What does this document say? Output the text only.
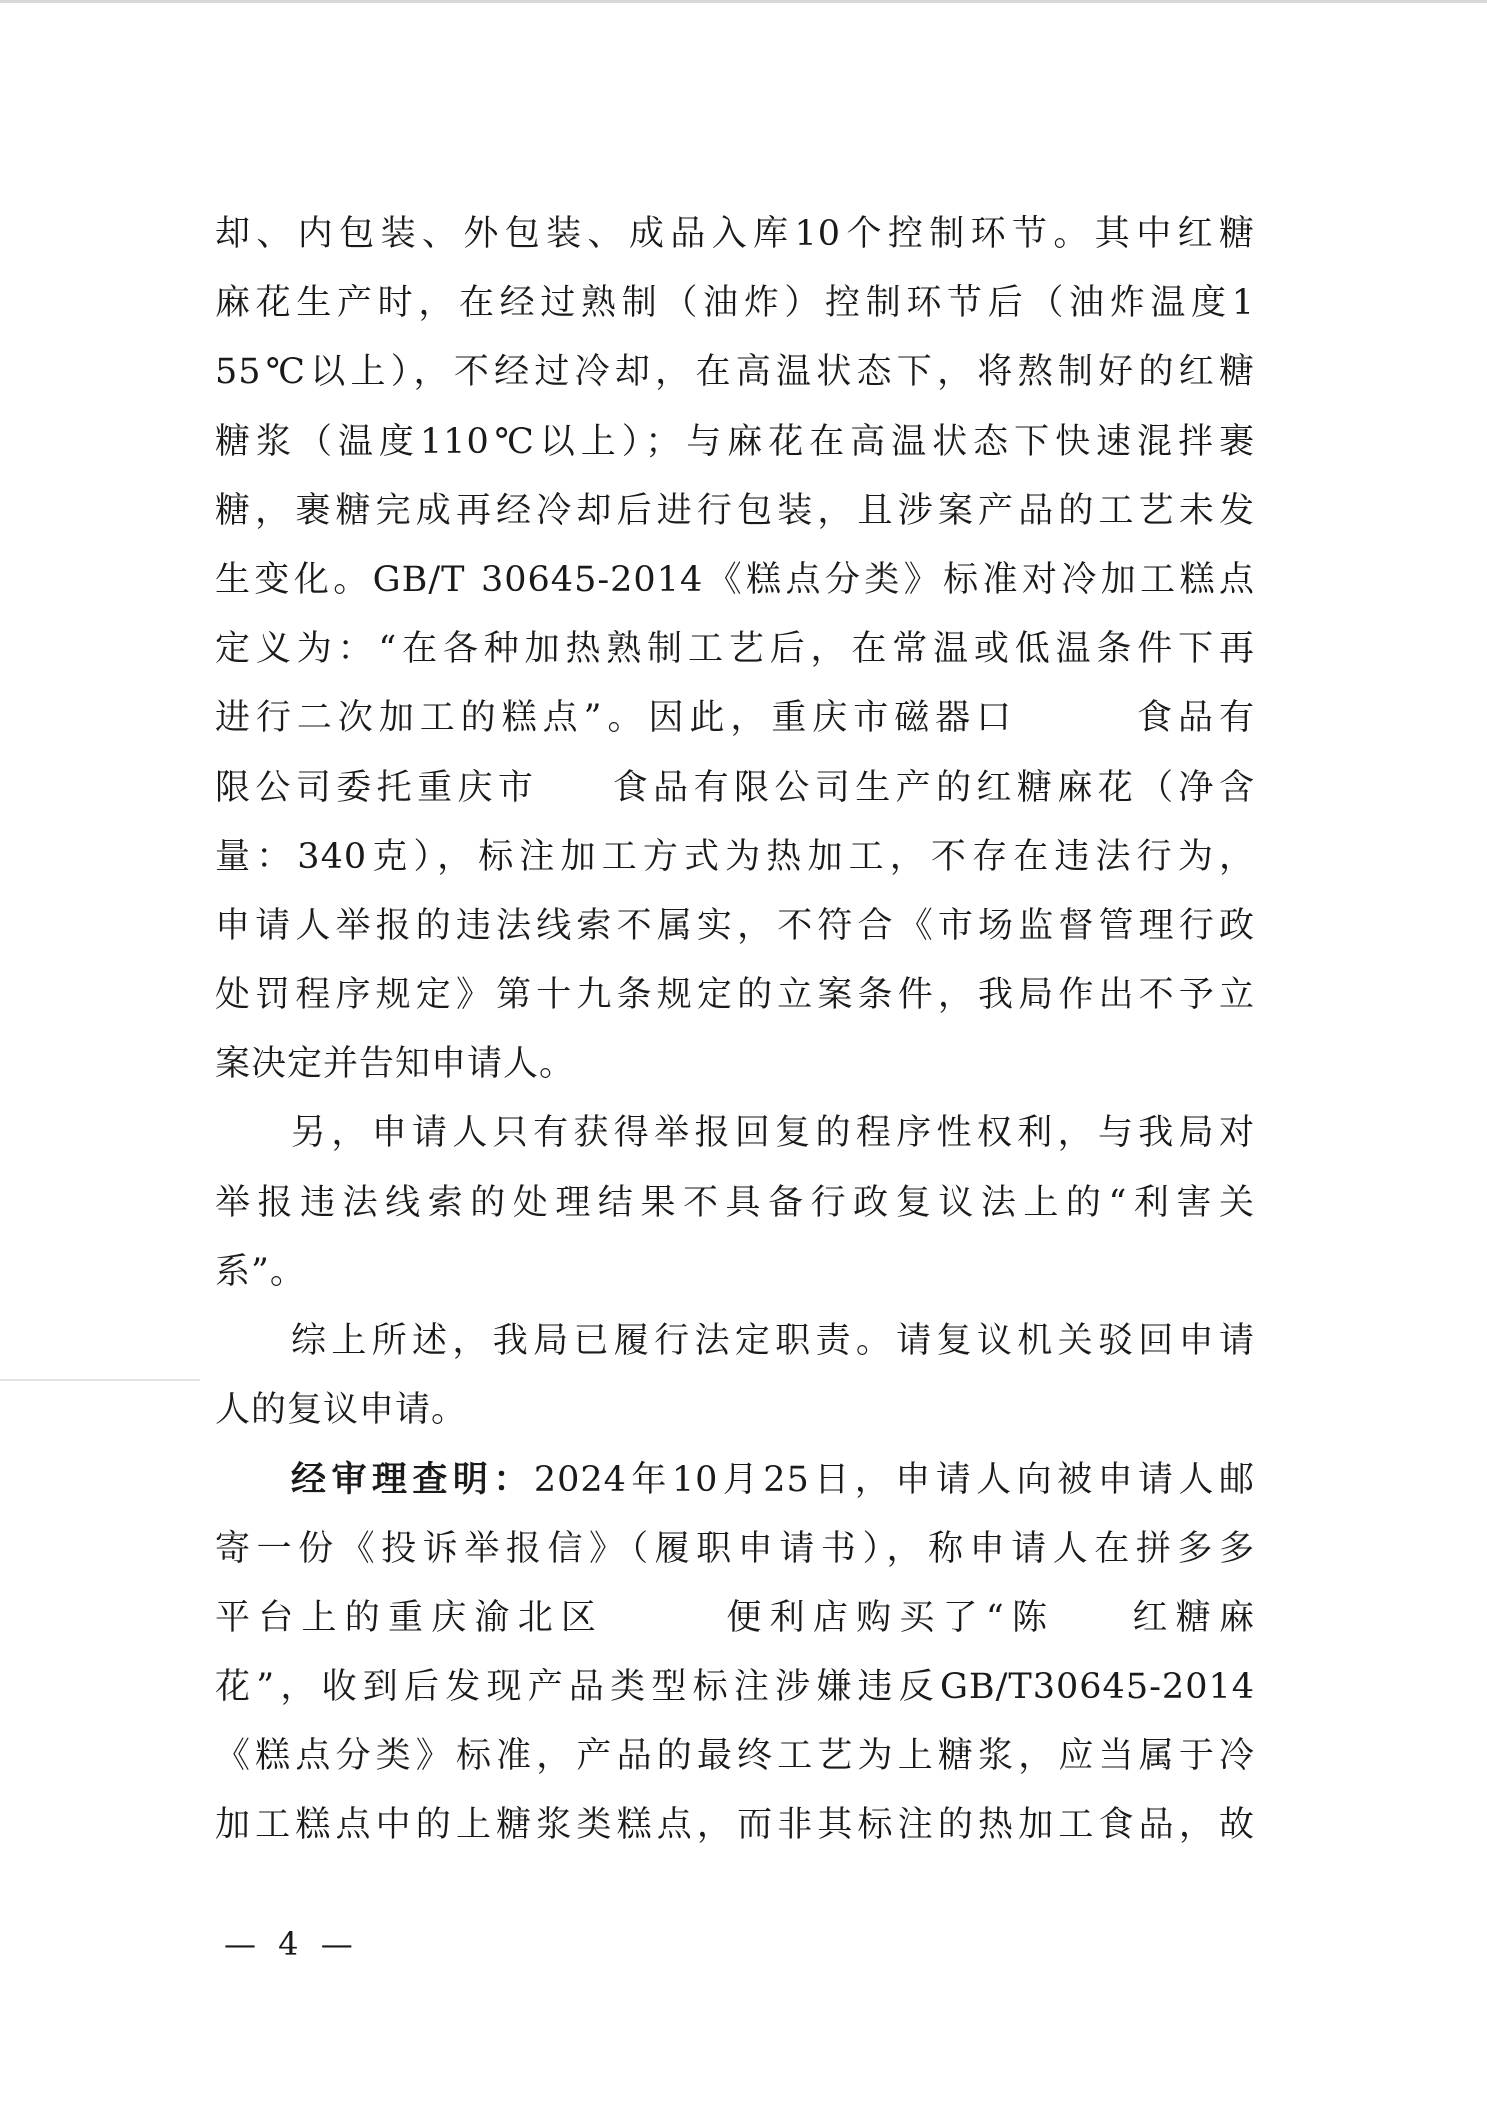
却、内包装、外包装、成品入库10个控制环节。其中红糖
麻花生产时，在经过熟制（油炸）控制环节后（油炸温度1
55℃以上），不经过冷却，在高温状态下，将熬制好的红糖
糖浆（温度110℃以上）；与麻花在高温状态下快速混拌裹
糖，裹糖完成再经冷却后进行包装，且涉案产品的工艺未发
生变化。GB/T 30645-2014《糕点分类》标准对冷加工糕点
定义为：“在各种加热熟制工艺后，在常温或低温条件下再
进行二次加工的糕点”。因此，重庆市磁器口	食品有
限公司委托重庆市 食品有限公司生产的红糖麻花（净含
量：340克），标注加工方式为热加工，不存在违法行为，
申请人举报的违法线索不属实，不符合《市场监督管理行政
处罚程序规定》第十九条规定的立案条件，我局作出不予立
案决定并告知申请人。
另，申请人只有获得举报回复的程序性权利，与我局对
举报违法线索的处理结果不具备行政复议法上的“利害关
系”。
综上所述，我局已履行法定职责。请复议机关驳回申请
人的复议申请。
经审理查明：2024年10月25日，申请人向被申请人邮
寄一份《投诉举报信》（履职申请书），称申请人在拼多多
平台上的重庆渝北区	便利店购买了“陈 红糖麻
花”，收到后发现产品类型标注涉嫌违反GB/T30645-2014
《糕点分类》标准，产品的最终工艺为上糖浆，应当属于冷
加工糕点中的上糖浆类糕点，而非其标注的热加工食品，故
— 4 —
